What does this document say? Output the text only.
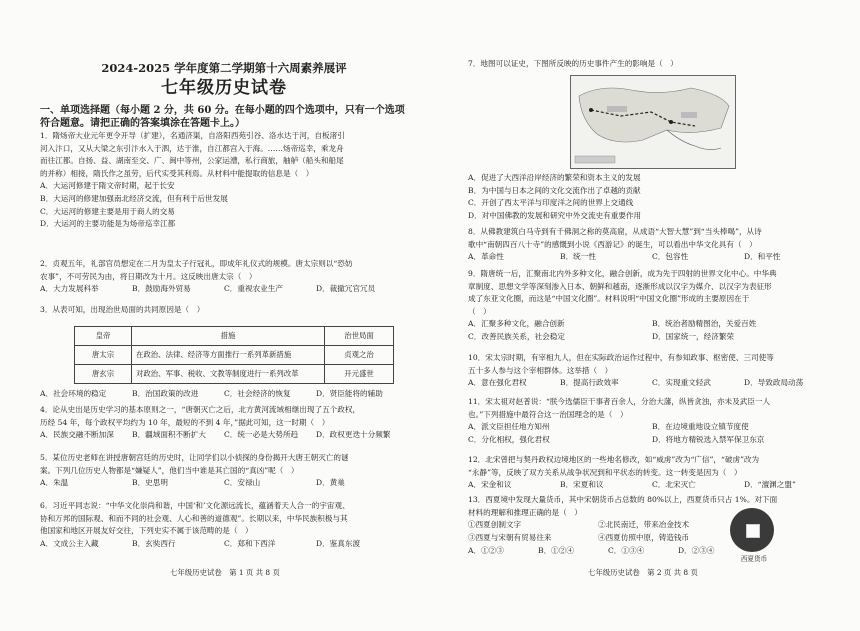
2024-2025 学年度第二学期第十六周素养展评
七年级历史试卷
一、单项选择题（每小题 2 分，共 60 分。在每小题的四个选项中，只有一个选项
符合题意。请把正确的答案填涂在答题卡上。）
1．隋炀帝大业元年更令开导（扩建），名通济渠，自洛阳西苑引谷、洛水达于河，自板渚引
河入汴口，又从大梁之东引汴水入于泗，达于淮，自江都宫入于海。……炀帝巡幸，乘龙舟
而往江都。自扬、益、湖南至交、广、闽中等州，公家运漕，私行商旅，舳舻（船头和船尾
的并称）相接，隋氏作之虽劳，后代实受其利焉。从材料中能提取的信息是（　）
A．大运河修建于隋文帝时期，起于长安
B．大运河的修建加强南北经济交流，但有利于后世发展
C．大运河的修建主要是用于商人的交易
D．大运河的主要功能是为炀帝巡幸江都
2．贞观五年，礼部官员想定在二月为皇太子行冠礼，即成年礼仪式的规模。唐太宗则以“恐妨
农事”，不可劳民为由，将日期改为十月。这反映出唐太宗（　）
A．大力发展科举	B．鼓励海外贸易	C．重视农业生产	D．裁撤冗官冗员
3．从表可知，出现治世局面的共同原因是（　）
皇帝	措施	治世局面
唐太宗	在政治、法律、经济等方面推行一系列革新措施	贞观之治
唐玄宗	对政治、军事、税收、文教等制度进行一系列改革	开元盛世
A．社会环境的稳定	B．治国政策的改进	C．社会经济的恢复	D．贤臣能将的辅助
4．论从史出是历史学习的基本原则之一，“唐朝灭亡之后，北方黄河流域相继出现了五个政权，
历经 54 年，每个政权平均约为 10 年，最短的不到 4 年，”据此可知，这一时期（　）
A．民族交融不断加深 B．疆域面积不断扩大 C．统一必是大势所趋 D．政权更迭十分频繁
5．某位历史老师在讲授唐朝宫廷的历史时，让同学们以小侦探的身份揭开大唐王朝灭亡的谜
案。下列几位历史人物都是“嫌疑人”，他们当中谁是其亡国的“真凶”呢（　）
A．朱温	B．史思明	C．安禄山	D．黄巢
6．习近平同志说：“中华文化崇尚和谐，中国‘和’文化源远流长，蕴涵着天人合一的宇宙观、
协和万邦的国际观、和而不同的社会观、人心和善的道德观”。长期以来，中华民族积极与其
他国家和地区开展友好交往，下列史实不属于该范畴的是（　）
A．文成公主入藏	B．玄奘西行	C．郑和下西洋	D．鉴真东渡
七年级历史试卷　第 1 页 共 8 页
7．地图可以证史，下图所反映的历史事件产生的影响是（　）
A．促进了大西洋沿岸经济的繁荣和资本主义的发展
B．为中国与日本之间的文化交流作出了卓越的贡献
C．开创了西太平洋与印度洋之间的世界上交通线
D．对中国佛教的发展和研究中外交流史有重要作用
8．从佛教建筑白马寺到有千佛洞之称的莫高窟，从成语“大智大慧”到“当头棒喝”，从诗
歌中“南朝四百八十寺”的感慨到小说《西游记》的诞生，可以看出中华文化具有（　）
A．革命性	B．统一性	C．包容性	D．和平性
9．隋唐统一后，汇聚南北内外多种文化，融合创新，成为先于四射的世界文化中心。中华典
章制度、思想文学等深刻渗入日本、朝鲜和越南，逐渐形成以汉字为媒介、以汉字为表征形
成了东亚文化圈，而这是“中国文化圈”。材料说明“中国文化圈”形成的主要原因在于
（　）
A．汇聚多种文化，融合创新	B．统治者励精图治，关爱百姓
C．改善民族关系，社会稳定	D．国家统一，经济繁荣
10．宋太宗时期，有宰相九人，但在实际政治运作过程中，有参知政事、枢密使、三司使等
五十多人参与这个宰相群体。这举措（　）
A．意在强化君权	B．提高行政效率	C．实现重文轻武	D．导致政局动荡
11．宋太祖对赵普说：“朕今选儒臣干事者百余人，分治大藩，纵皆贪浊，亦未及武臣一人
也。”下列措施中最符合这一治国理念的是（　）
A．派文臣担任地方知州	B．在边境重地设立镇节度使
C．分化相权，强化君权	D．将地方精锐选入禁军保卫东京
12．北宋曾把与契丹政权边境地区的一些地名修改，如“威虏”改为“广信”，“破虏”改为
“永静”等，反映了双方关系从战争状况到和平状态的转变。这一转变是因为（　）
A．宋金和议	B．宋夏和议	C．北宋灭亡	D．“澶渊之盟”
13．西夏境中发现大量货币，其中宋朝货币占总数的 80%以上，西夏货币只占 1%。对下面
材料的理解和推理正确的是（　）
①西夏创制文字	②北民南迁，带来冶金技术
③西夏与宋朝有贸易往来	④西夏仿照中原，铸造钱币
A．①②③	B．①②④	C．①③④	D．②③④
西夏货币
七年级历史试卷　第 2 页 共 8 页
